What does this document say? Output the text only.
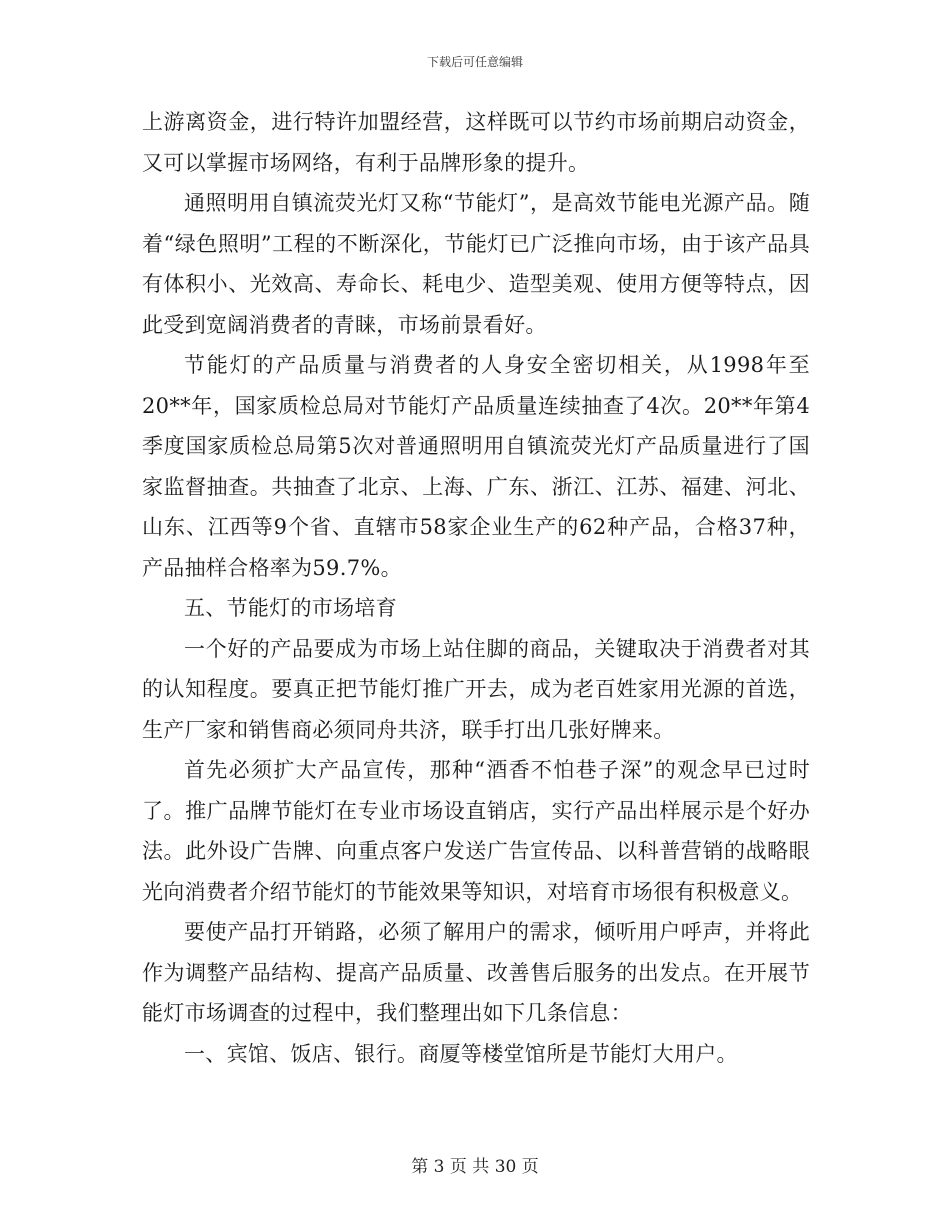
下载后可任意编辑

上游离资金，进行特许加盟经营，这样既可以节约市场前期启动资金，又可以掌握市场网络，有利于品牌形象的提升。

通照明用自镇流荧光灯又称“节能灯”，是高效节能电光源产品。随着“绿色照明”工程的不断深化，节能灯已广泛推向市场，由于该产品具有体积小、光效高、寿命长、耗电少、造型美观、使用方便等特点，因此受到宽阔消费者的青睐，市场前景看好。

节能灯的产品质量与消费者的人身安全密切相关，从1998年至20**年，国家质检总局对节能灯产品质量连续抽查了4次。20**年第4季度国家质检总局第5次对普通照明用自镇流荧光灯产品质量进行了国家监督抽查。共抽查了北京、上海、广东、浙江、江苏、福建、河北、山东、江西等9个省、直辖市58家企业生产的62种产品，合格37种，产品抽样合格率为59.7%。

五、节能灯的市场培育

一个好的产品要成为市场上站住脚的商品，关键取决于消费者对其的认知程度。要真正把节能灯推广开去，成为老百姓家用光源的首选，生产厂家和销售商必须同舟共济，联手打出几张好牌来。

首先必须扩大产品宣传，那种“酒香不怕巷子深”的观念早已过时了。推广品牌节能灯在专业市场设直销店，实行产品出样展示是个好办法。此外设广告牌、向重点客户发送广告宣传品、以科普营销的战略眼光向消费者介绍节能灯的节能效果等知识，对培育市场很有积极意义。

要使产品打开销路，必须了解用户的需求，倾听用户呼声，并将此作为调整产品结构、提高产品质量、改善售后服务的出发点。在开展节能灯市场调查的过程中，我们整理出如下几条信息：

一、宾馆、饭店、银行。商厦等楼堂馆所是节能灯大用户。

第 3 页 共 30 页
